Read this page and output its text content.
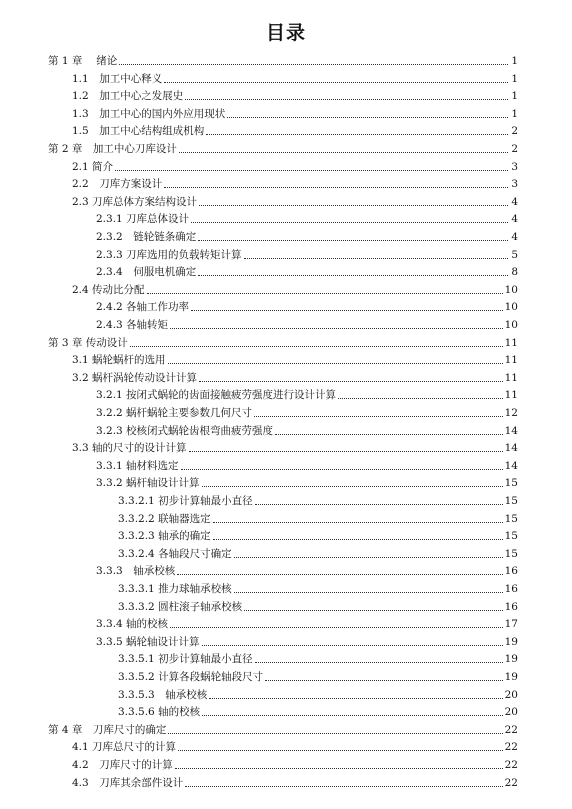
目录
第 1 章　 绪论	1
1.1　加工中心释义	1
1.2　加工中心之发展史	1
1.3　加工中心的国内外应用现状	1
1.5　加工中心结构组成机构	2
第 2 章　加工中心刀库设计	2
2.1 简介	3
2.2　刀库方案设计	3
2.3 刀库总体方案结构设计	4
2.3.1 刀库总体设计	4
2.3.2　链轮链条确定	4
2.3.3 刀库选用的负载转矩计算	5
2.3.4　伺服电机确定	8
2.4 传动比分配	10
2.4.2 各轴工作功率	10
2.4.3 各轴转矩	10
第 3 章 传动设计	11
3.1 蜗轮蜗杆的选用	11
3.2 蜗杆涡轮传动设计计算	11
3.2.1 按闭式蜗轮的齿面接触疲劳强度进行设计计算	11
3.2.2 蜗杆蜗轮主要参数几何尺寸	12
3.2.3 校核闭式蜗轮齿根弯曲疲劳强度	14
3.3 轴的尺寸的设计计算	14
3.3.1 轴材料选定	14
3.3.2 蜗杆轴设计计算	15
3.3.2.1 初步计算轴最小直径	15
3.3.2.2 联轴器选定	15
3.3.2.3 轴承的确定	15
3.3.2.4 各轴段尺寸确定	15
3.3.3　轴承校核	16
3.3.3.1 推力球轴承校核	16
3.3.3.2 圆柱滚子轴承校核	16
3.3.4 轴的校核	17
3.3.5 蜗轮轴设计计算	19
3.3.5.1 初步计算轴最小直径	19
3.3.5.2 计算各段蜗轮轴段尺寸	19
3.3.5.3　轴承校核	20
3.3.5.6 轴的校核	20
第 4 章　刀库尺寸的确定	22
4.1 刀库总尺寸的计算	22
4.2　刀库尺寸的计算	22
4.3　刀库其余部件设计	22
